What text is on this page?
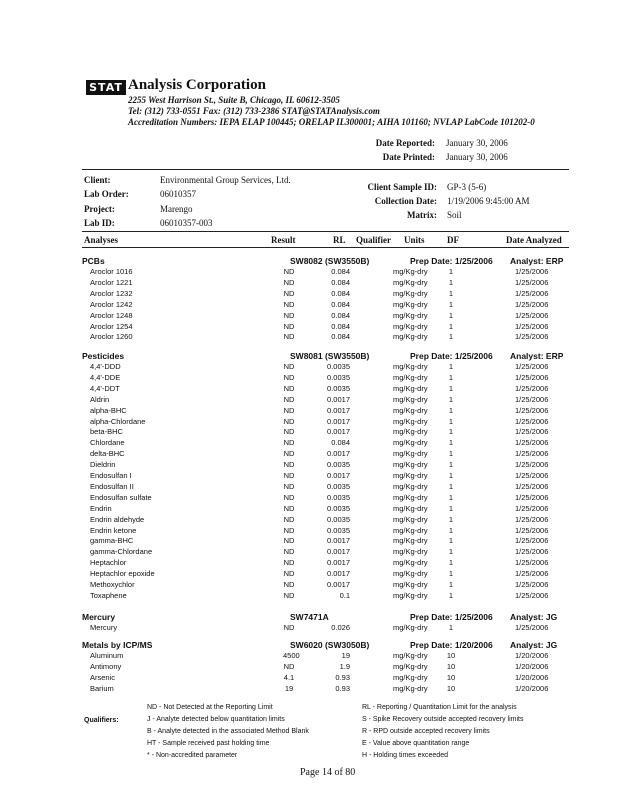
STAT Analysis Corporation
2255 West Harrison St., Suite B, Chicago, IL 60612-3505
Tel: (312) 733-0551 Fax: (312) 733-2386 STAT@STATAnalysis.com
Accreditation Numbers: IEPA ELAP 100445; ORELAP IL300001; AIHA 101160; NVLAP LabCode 101202-0
Date Reported: January 30, 2006
Date Printed: January 30, 2006
Client:	Environmental Group Services, Ltd.
Lab Order:	06010357
Project:	Marengo
Lab ID:	06010357-003
Client Sample ID: GP-3 (5-6)
Collection Date: 1/19/2006 9:45:00 AM
Matrix: Soil
Analyses	Result	RL Qualifier Units DF	Date Analyzed
PCBs	SW8082 (SW3550B)	Prep Date: 1/25/2006 Analyst: ERP
Aroclor 1016	ND	0.084	mg/Kg-dry	1	1/25/2006
Aroclor 1221	ND	0.084	mg/Kg-dry	1	1/25/2006
Aroclor 1232	ND	0.084	mg/Kg-dry	1	1/25/2006
Aroclor 1242	ND	0.084	mg/Kg-dry	1	1/25/2006
Aroclor 1248	ND	0.084	mg/Kg-dry	1	1/25/2006
Aroclor 1254	ND	0.084	mg/Kg-dry	1	1/25/2006
Aroclor 1260	ND	0.084	mg/Kg-dry	1	1/25/2006
Pesticides	SW8081 (SW3550B)	Prep Date: 1/25/2006 Analyst: ERP
4,4'-DDD	ND	0.0035	mg/Kg-dry	1	1/25/2006
4,4'-DDE	ND	0.0035	mg/Kg-dry	1	1/25/2006
4,4'-DDT	ND	0.0035	mg/Kg-dry	1	1/25/2006
Aldrin	ND	0.0017	mg/Kg-dry	1	1/25/2006
alpha-BHC	ND	0.0017	mg/Kg-dry	1	1/25/2006
alpha-Chlordane	ND	0.0017	mg/Kg-dry	1	1/25/2006
beta-BHC	ND	0.0017	mg/Kg-dry	1	1/25/2006
Chlordane	ND	0.084	mg/Kg-dry	1	1/25/2006
delta-BHC	ND	0.0017	mg/Kg-dry	1	1/25/2006
Dieldrin	ND	0.0035	mg/Kg-dry	1	1/25/2006
Endosulfan I	ND	0.0017	mg/Kg-dry	1	1/25/2006
Endosulfan II	ND	0.0035	mg/Kg-dry	1	1/25/2006
Endosulfan sulfate	ND	0.0035	mg/Kg-dry	1	1/25/2006
Endrin	ND	0.0035	mg/Kg-dry	1	1/25/2006
Endrin aldehyde	ND	0.0035	mg/Kg-dry	1	1/25/2006
Endrin ketone	ND	0.0035	mg/Kg-dry	1	1/25/2006
gamma-BHC	ND	0.0017	mg/Kg-dry	1	1/25/2006
gamma-Chlordane	ND	0.0017	mg/Kg-dry	1	1/25/2006
Heptachlor	ND	0.0017	mg/Kg-dry	1	1/25/2006
Heptachlor epoxide	ND	0.0017	mg/Kg-dry	1	1/25/2006
Methoxychlor	ND	0.0017	mg/Kg-dry	1	1/25/2006
Toxaphene	ND	0.1	mg/Kg-dry	1	1/25/2006
Mercury	SW7471A	Prep Date: 1/25/2006 Analyst: JG
Mercury	ND	0.026	mg/Kg-dry	1	1/25/2006
Metals by ICP/MS	SW6020 (SW3050B)	Prep Date: 1/20/2006 Analyst: JG
Aluminum	4500	19	mg/Kg-dry	10	1/20/2006
Antimony	ND	1.9	mg/Kg-dry	10	1/20/2006
Arsenic	4.1	0.93	mg/Kg-dry	10	1/20/2006
Barium	19	0.93	mg/Kg-dry	10	1/20/2006
Qualifiers:
ND - Not Detected at the Reporting Limit
J - Analyte detected below quantitation limits
B - Analyte detected in the associated Method Blank
HT - Sample received past holding time
* - Non-accredited parameter
RL - Reporting / Quantitation Limit for the analysis
S - Spike Recovery outside accepted recovery limits
R - RPD outside accepted recovery limits
E - Value above quantitation range
H - Holding times exceeded
Page 14 of 80
